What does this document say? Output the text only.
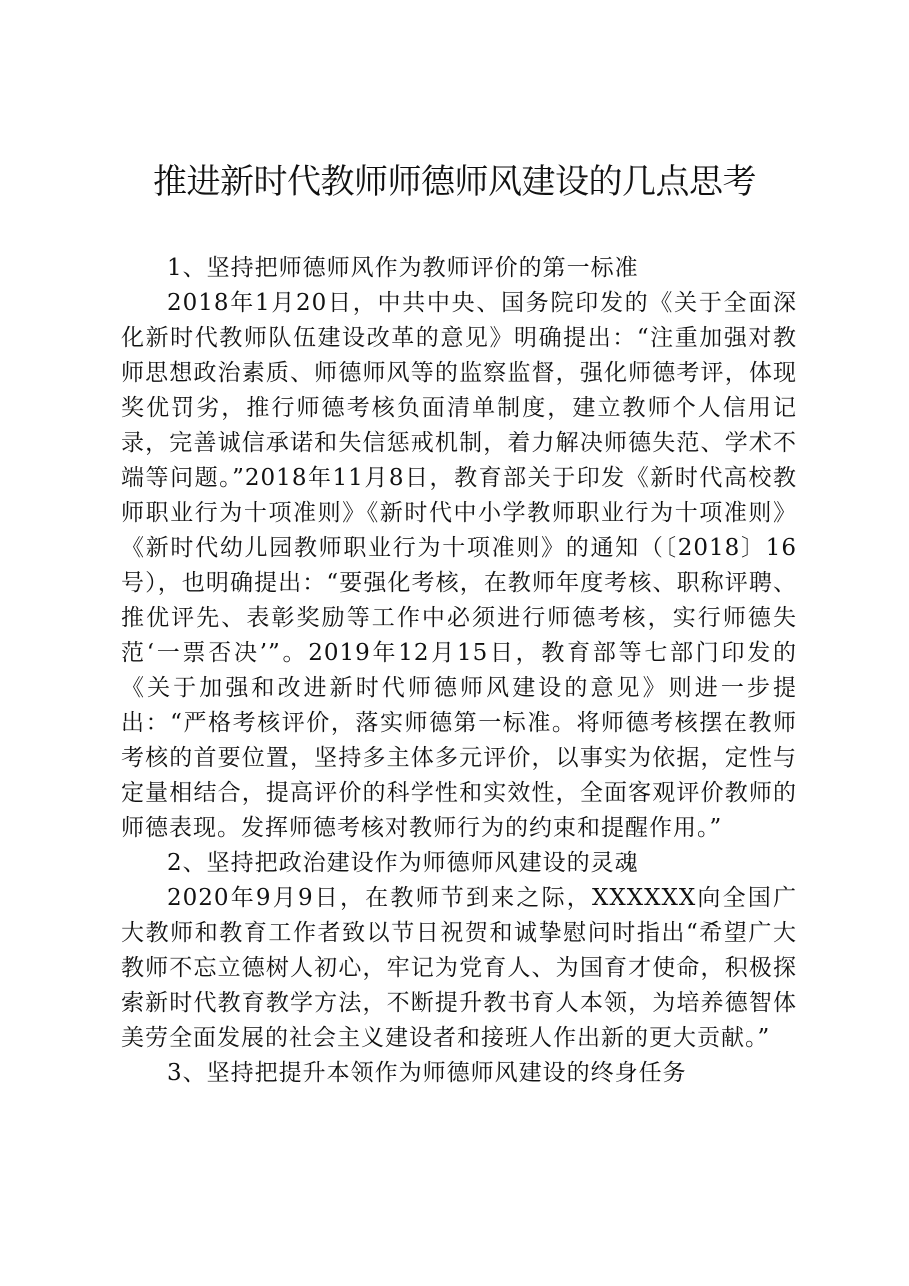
推进新时代教师师德师风建设的几点思考

1、坚持把师德师风作为教师评价的第一标准

2018年1月20日，中共中央、国务院印发的《关于全面深化新时代教师队伍建设改革的意见》明确提出：“注重加强对教师思想政治素质、师德师风等的监察监督，强化师德考评，体现奖优罚劣，推行师德考核负面清单制度，建立教师个人信用记录，完善诚信承诺和失信惩戒机制，着力解决师德失范、学术不端等问题。”2018年11月8日，教育部关于印发《新时代高校教师职业行为十项准则》《新时代中小学教师职业行为十项准则》《新时代幼儿园教师职业行为十项准则》的通知（〔2018〕16号），也明确提出：“要强化考核，在教师年度考核、职称评聘、推优评先、表彰奖励等工作中必须进行师德考核，实行师德失范‘一票否决’”。2019年12月15日，教育部等七部门印发的《关于加强和改进新时代师德师风建设的意见》则进一步提出：“严格考核评价，落实师德第一标准。将师德考核摆在教师考核的首要位置，坚持多主体多元评价，以事实为依据，定性与定量相结合，提高评价的科学性和实效性，全面客观评价教师的师德表现。发挥师德考核对教师行为的约束和提醒作用。”

2、坚持把政治建设作为师德师风建设的灵魂

2020年9月9日，在教师节到来之际，XXXXXX向全国广大教师和教育工作者致以节日祝贺和诚挚慰问时指出“希望广大教师不忘立德树人初心，牢记为党育人、为国育才使命，积极探索新时代教育教学方法，不断提升教书育人本领，为培养德智体美劳全面发展的社会主义建设者和接班人作出新的更大贡献。”

3、坚持把提升本领作为师德师风建设的终身任务
